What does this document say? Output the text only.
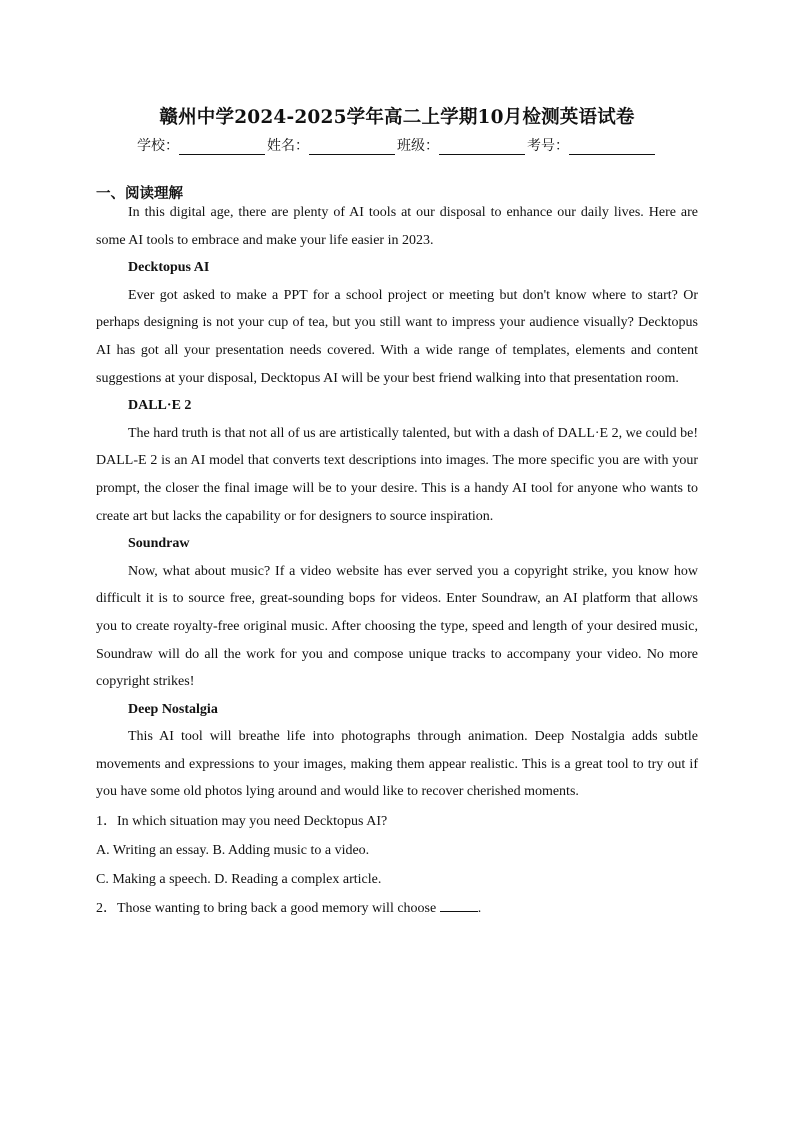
赣州中学2024-2025学年高二上学期10月检测英语试卷
学校：	姓名：	班级：	考号：
一、阅读理解

In this digital age, there are plenty of AI tools at our disposal to enhance our daily lives. Here are some AI tools to embrace and make your life easier in 2023.

Decktopus AI

Ever got asked to make a PPT for a school project or meeting but don't know where to start? Or perhaps designing is not your cup of tea, but you still want to impress your audience visually? Decktopus AI has got all your presentation needs covered. With a wide range of templates, elements and content suggestions at your disposal, Decktopus AI will be your best friend walking into that presentation room.

DALL·E 2

The hard truth is that not all of us are artistically talented, but with a dash of DALL·E 2, we could be! DALL-E 2 is an AI model that converts text descriptions into images. The more specific you are with your prompt, the closer the final image will be to your desire. This is a handy AI tool for anyone who wants to create art but lacks the capability or for designers to source inspiration.

Soundraw

Now, what about music? If a video website has ever served you a copyright strike, you know how difficult it is to source free, great-sounding bops for videos. Enter Soundraw, an AI platform that allows you to create royalty-free original music. After choosing the type, speed and length of your desired music, Soundraw will do all the work for you and compose unique tracks to accompany your video. No more copyright strikes!

Deep Nostalgia

This AI tool will breathe life into photographs through animation. Deep Nostalgia adds subtle movements and expressions to your images, making them appear realistic. This is a great tool to try out if you have some old photos lying around and would like to recover cherished moments.

1．In which situation may you need Decktopus AI?

A. Writing an essay. B. Adding music to a video.

C. Making a speech. D. Reading a complex article.

2．Those wanting to bring back a good memory will choose	.
